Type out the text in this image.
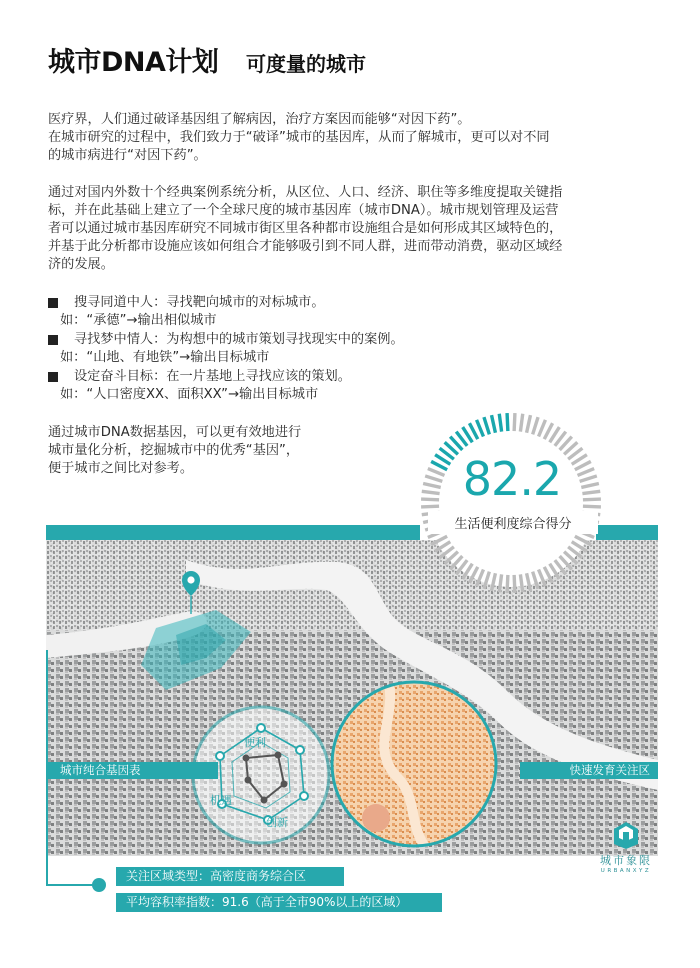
城市DNA计划 可度量的城市

医疗界，人们通过破译基因组了解病因，治疗方案因而能够“对因下药”。

在城市研究的过程中，我们致力于“破译”城市的基因库，从而了解城市，更可以对不同

的城市病进行“对因下药”。

通过对国内外数十个经典案例系统分析，从区位、人口、经济、职住等多维度提取关键指

标，并在此基础上建立了一个全球尺度的城市基因库（城市DNA）。城市规划管理及运营

者可以通过城市基因库研究不同城市街区里各种都市设施组合是如何形成其区域特色的，

并基于此分析都市设施应该如何组合才能够吸引到不同人群，进而带动消费，驱动区域经

济的发展。

搜寻同道中人：寻找靶向城市的对标城市。
如：“承德”→输出相似城市
寻找梦中情人：为构想中的城市策划寻找现实中的案例。
如：“山地、有地铁”→输出目标城市
设定奋斗目标：在一片基地上寻找应该的策划。
如：“人口密度XX、面积XX”→输出目标城市

通过城市DNA数据基因，可以更有效地进行

城市量化分析，挖掘城市中的优秀“基因”，

便于城市之间比对参考。	82.2
生活便利度综合得分
便利
机遇
创新
城市纯合基因表	快速发育关注区
关注区域类型：高密度商务综合区
平均容积率指数：91.6（高于全市90%以上的区域）
城市象限
URBANXYZ
